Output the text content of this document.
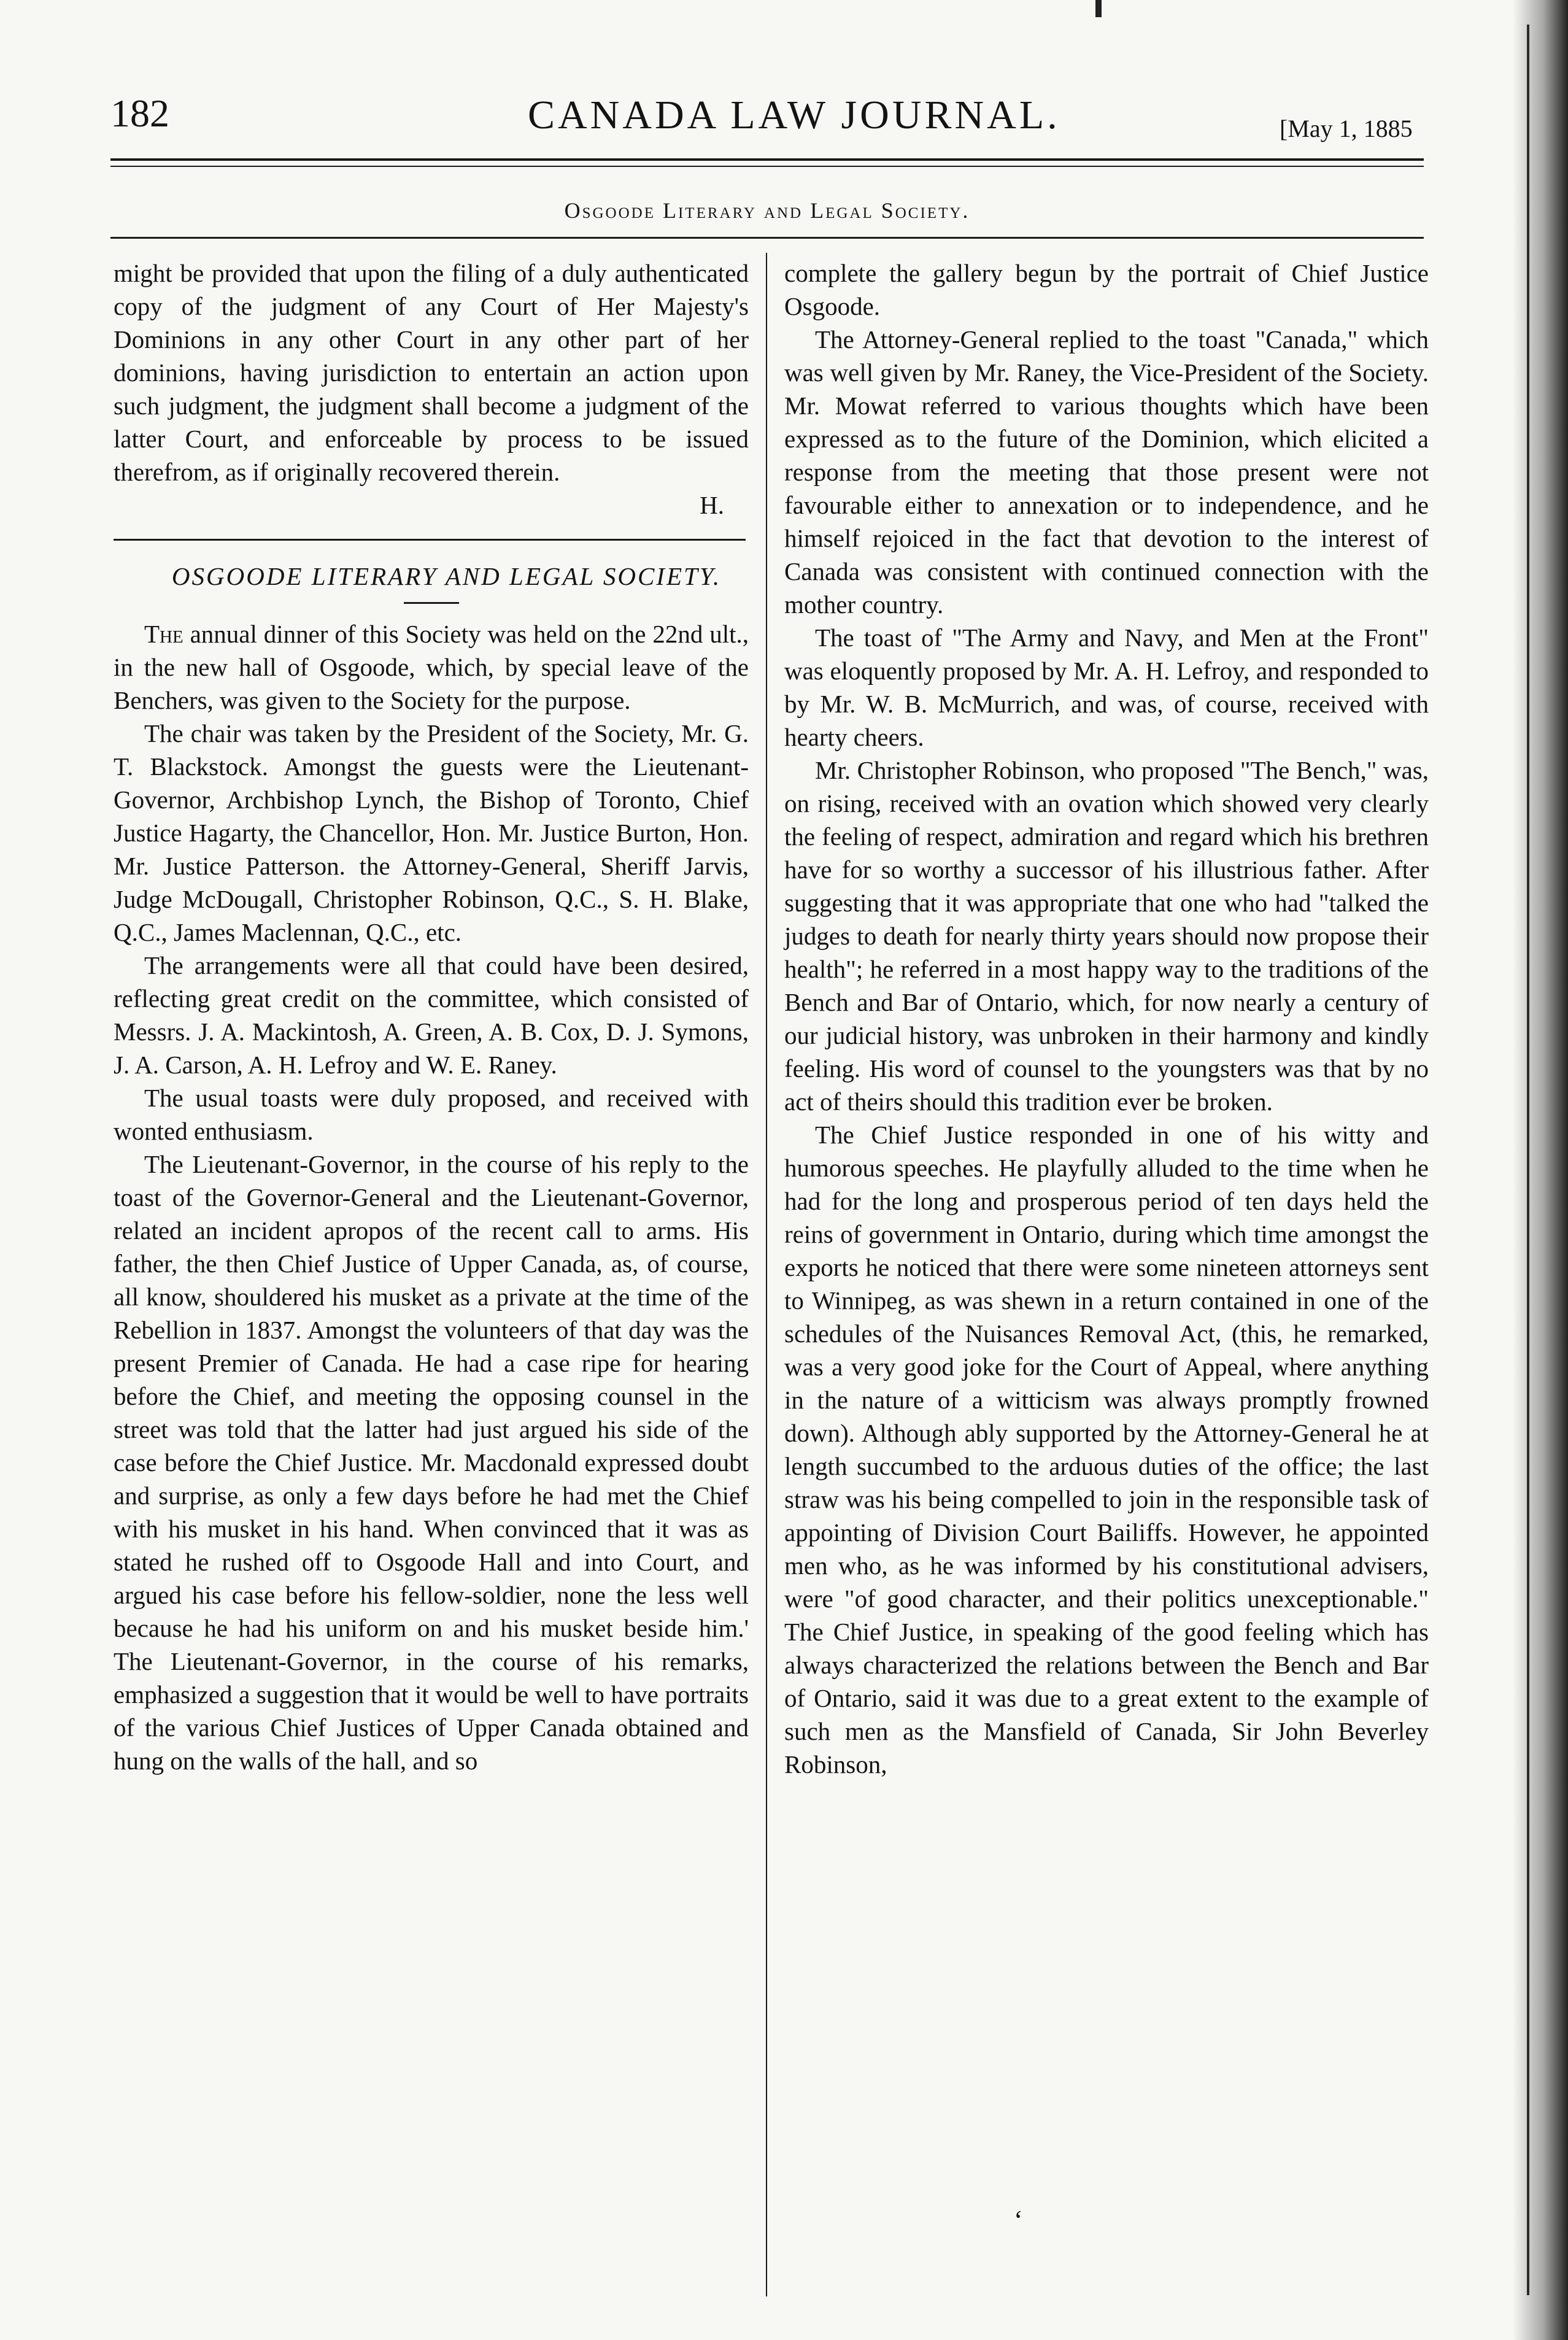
182	CANADA LAW JOURNAL.	[May 1, 1885
Osgoode Literary and Legal Society.

might be provided that upon the filing of a duly authenticated copy of the judgment of any Court of Her Majesty's Dominions in any other Court in any other part of her dominions, having jurisdiction to entertain an action upon such judgment, the judgment shall become a judgment of the latter Court, and enforceable by process to be issued therefrom, as if originally recovered therein.

H.

OSGOODE LITERARY AND LEGAL SOCIETY.

The annual dinner of this Society was held on the 22nd ult., in the new hall of Osgoode, which, by special leave of the Benchers, was given to the Society for the purpose.

The chair was taken by the President of the Society, Mr. G. T. Blackstock. Amongst the guests were the Lieutenant-Governor, Archbishop Lynch, the Bishop of Toronto, Chief Justice Hagarty, the Chancellor, Hon. Mr. Justice Burton, Hon. Mr. Justice Patterson. the Attorney-General, Sheriff Jarvis, Judge McDougall, Christopher Robinson, Q.C., S. H. Blake, Q.C., James Maclennan, Q.C., etc.

The arrangements were all that could have been desired, reflecting great credit on the committee, which consisted of Messrs. J. A. Mackintosh, A. Green, A. B. Cox, D. J. Symons, J. A. Carson, A. H. Lefroy and W. E. Raney.

The usual toasts were duly proposed, and received with wonted enthusiasm.

The Lieutenant-Governor, in the course of his reply to the toast of the Governor-General and the Lieutenant-Governor, related an incident apropos of the recent call to arms. His father, the then Chief Justice of Upper Canada, as, of course, all know, shouldered his musket as a private at the time of the Rebellion in 1837. Amongst the volunteers of that day was the present Premier of Canada. He had a case ripe for hearing before the Chief, and meeting the opposing counsel in the street was told that the latter had just argued his side of the case before the Chief Justice. Mr. Macdonald expressed doubt and surprise, as only a few days before he had met the Chief with his musket in his hand. When convinced that it was as stated he rushed off to Osgoode Hall and into Court, and argued his case before his fellow-soldier, none the less well because he had his uniform on and his musket beside him.' The Lieutenant-Governor, in the course of his remarks, emphasized a suggestion that it would be well to have portraits of the various Chief Justices of Upper Canada obtained and hung on the walls of the hall, and so

complete the gallery begun by the portrait of Chief Justice Osgoode.

The Attorney-General replied to the toast "Canada," which was well given by Mr. Raney, the Vice-President of the Society. Mr. Mowat referred to various thoughts which have been expressed as to the future of the Dominion, which elicited a response from the meeting that those present were not favourable either to annexation or to independence, and he himself rejoiced in the fact that devotion to the interest of Canada was consistent with continued connection with the mother country.

The toast of "The Army and Navy, and Men at the Front" was eloquently proposed by Mr. A. H. Lefroy, and responded to by Mr. W. B. McMurrich, and was, of course, received with hearty cheers.

Mr. Christopher Robinson, who proposed "The Bench," was, on rising, received with an ovation which showed very clearly the feeling of respect, admiration and regard which his brethren have for so worthy a successor of his illustrious father. After suggesting that it was appropriate that one who had "talked the judges to death for nearly thirty years should now propose their health"; he referred in a most happy way to the traditions of the Bench and Bar of Ontario, which, for now nearly a century of our judicial history, was unbroken in their harmony and kindly feeling. His word of counsel to the youngsters was that by no act of theirs should this tradition ever be broken.

The Chief Justice responded in one of his witty and humorous speeches. He playfully alluded to the time when he had for the long and prosperous period of ten days held the reins of government in Ontario, during which time amongst the exports he noticed that there were some nineteen attorneys sent to Winnipeg, as was shewn in a return contained in one of the schedules of the Nuisances Removal Act, (this, he remarked, was a very good joke for the Court of Appeal, where anything in the nature of a witticism was always promptly frowned down). Although ably supported by the Attorney-General he at length succumbed to the arduous duties of the office; the last straw was his being compelled to join in the responsible task of appointing of Division Court Bailiffs. However, he appointed men who, as he was informed by his constitutional advisers, were "of good character, and their politics unexceptionable." The Chief Justice, in speaking of the good feeling which has always characterized the relations between the Bench and Bar of Ontario, said it was due to a great extent to the example of such men as the Mansfield of Canada, Sir John Beverley Robinson,

ʻ
